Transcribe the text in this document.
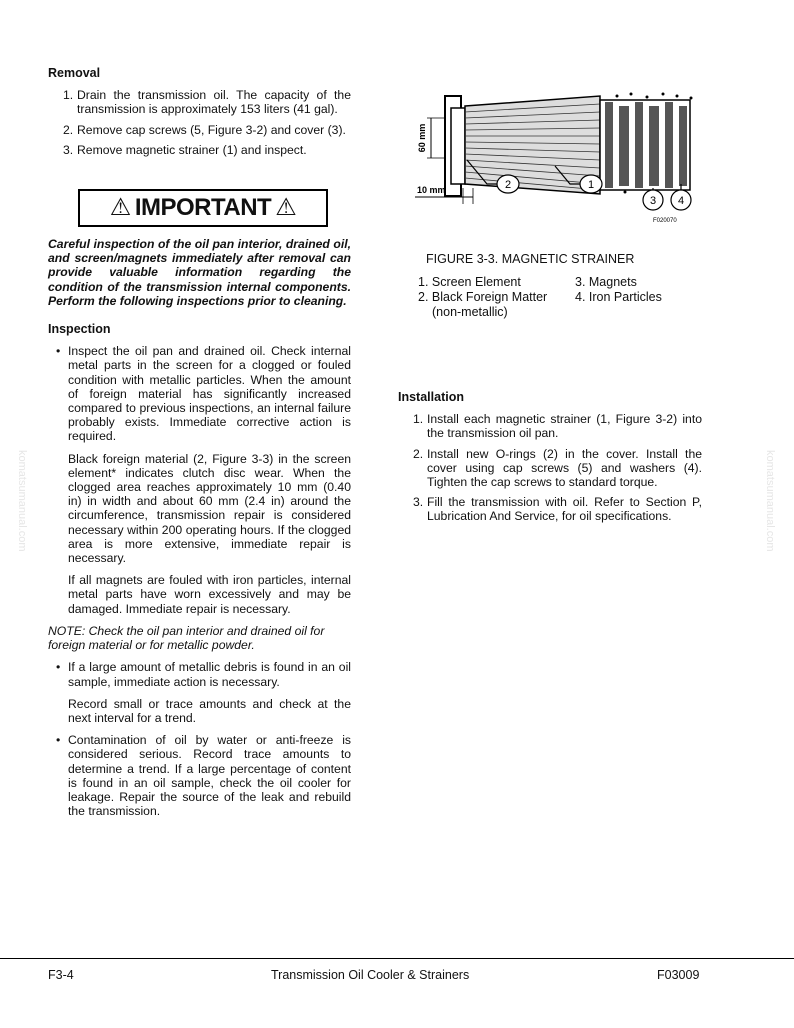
komatsumanual.com	komatsumanual.com
Removal
1. Drain the transmission oil. The capacity of the transmission is approximately 153 liters (41 gal).
2. Remove cap screws (5, Figure 3-2) and cover (3).
3. Remove magnetic strainer (1) and inspect.
⚠ IMPORTANT ⚠
Careful inspection of the oil pan interior, drained oil, and screen/magnets immediately after removal can provide valuable information regarding the condition of the transmission internal components. Perform the following inspections prior to cleaning.
Inspection
• Inspect the oil pan and drained oil. Check internal metal parts in the screen for a clogged or fouled condition with metallic particles. When the amount of foreign material has significantly increased compared to previous inspections, an internal failure probably exists. Immediate corrective action is required.
Black foreign material (2, Figure 3-3) in the screen element* indicates clutch disc wear. When the clogged area reaches approximately 10 mm (0.40 in) in width and about 60 mm (2.4 in) around the circumference, transmission repair is considered necessary within 200 operating hours. If the clogged area is more extensive, immediate repair is necessary.
If all magnets are fouled with iron particles, internal metal parts have worn excessively and may be damaged. Immediate repair is necessary.
NOTE: Check the oil pan interior and drained oil for foreign material or for metallic powder.
• If a large amount of metallic debris is found in an oil sample, immediate action is necessary.
Record small or trace amounts and check at the next interval for a trend.
• Contamination of oil by water or anti-freeze is considered serious. Record trace amounts to determine a trend. If a large percentage of content is found in an oil sample, check the oil cooler for leakage. Repair the source of the leak and rebuild the transmission.
60 mm
10 mm	2	1
3 4
F020070
FIGURE 3-3. MAGNETIC STRAINER
1. Screen Element
2. Black Foreign Matter
(non-metallic)
3. Magnets
4. Iron Particles
Installation
1. Install each magnetic strainer (1, Figure 3-2) into the transmission oil pan.
2. Install new O-rings (2) in the cover. Install the cover using cap screws (5) and washers (4). Tighten the cap screws to standard torque.
3. Fill the transmission with oil. Refer to Section P, Lubrication And Service, for oil specifications.
F3-4	Transmission Oil Cooler & Strainers	F03009
